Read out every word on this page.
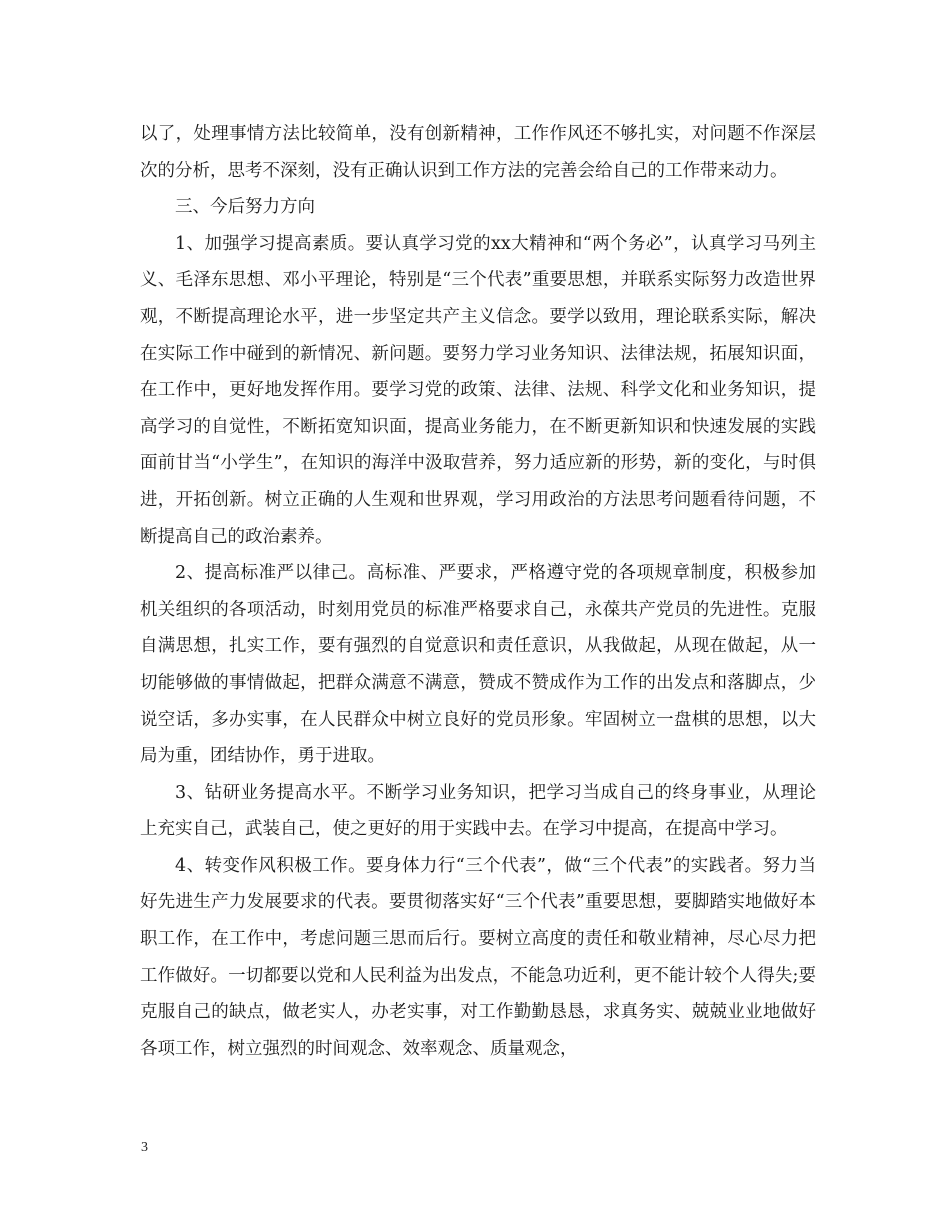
以了，处理事情方法比较简单，没有创新精神，工作作风还不够扎实，对问题不作深层次的分析，思考不深刻，没有正确认识到工作方法的完善会给自己的工作带来动力。

三、今后努力方向

1、加强学习提高素质。要认真学习党的xx大精神和“两个务必”，认真学习马列主义、毛泽东思想、邓小平理论，特别是“三个代表”重要思想，并联系实际努力改造世界观，不断提高理论水平，进一步坚定共产主义信念。要学以致用，理论联系实际，解决在实际工作中碰到的新情况、新问题。要努力学习业务知识、法律法规，拓展知识面，在工作中，更好地发挥作用。要学习党的政策、法律、法规、科学文化和业务知识，提高学习的自觉性，不断拓宽知识面，提高业务能力，在不断更新知识和快速发展的实践面前甘当“小学生”，在知识的海洋中汲取营养，努力适应新的形势，新的变化，与时俱进，开拓创新。树立正确的人生观和世界观，学习用政治的方法思考问题看待问题，不断提高自己的政治素养。

2、提高标准严以律己。高标准、严要求，严格遵守党的各项规章制度，积极参加机关组织的各项活动，时刻用党员的标准严格要求自己，永葆共产党员的先进性。克服自满思想，扎实工作，要有强烈的自觉意识和责任意识，从我做起，从现在做起，从一切能够做的事情做起，把群众满意不满意，赞成不赞成作为工作的出发点和落脚点，少说空话，多办实事，在人民群众中树立良好的党员形象。牢固树立一盘棋的思想，以大局为重，团结协作，勇于进取。

3、钻研业务提高水平。不断学习业务知识，把学习当成自己的终身事业，从理论上充实自己，武装自己，使之更好的用于实践中去。在学习中提高，在提高中学习。

4、转变作风积极工作。要身体力行“三个代表”，做“三个代表”的实践者。努力当好先进生产力发展要求的代表。要贯彻落实好“三个代表”重要思想，要脚踏实地做好本职工作，在工作中，考虑问题三思而后行。要树立高度的责任和敬业精神，尽心尽力把工作做好。一切都要以党和人民利益为出发点，不能急功近利，更不能计较个人得失;要克服自己的缺点，做老实人，办老实事，对工作勤勤恳恳，求真务实、兢兢业业地做好各项工作，树立强烈的时间观念、效率观念、质量观念，

3
